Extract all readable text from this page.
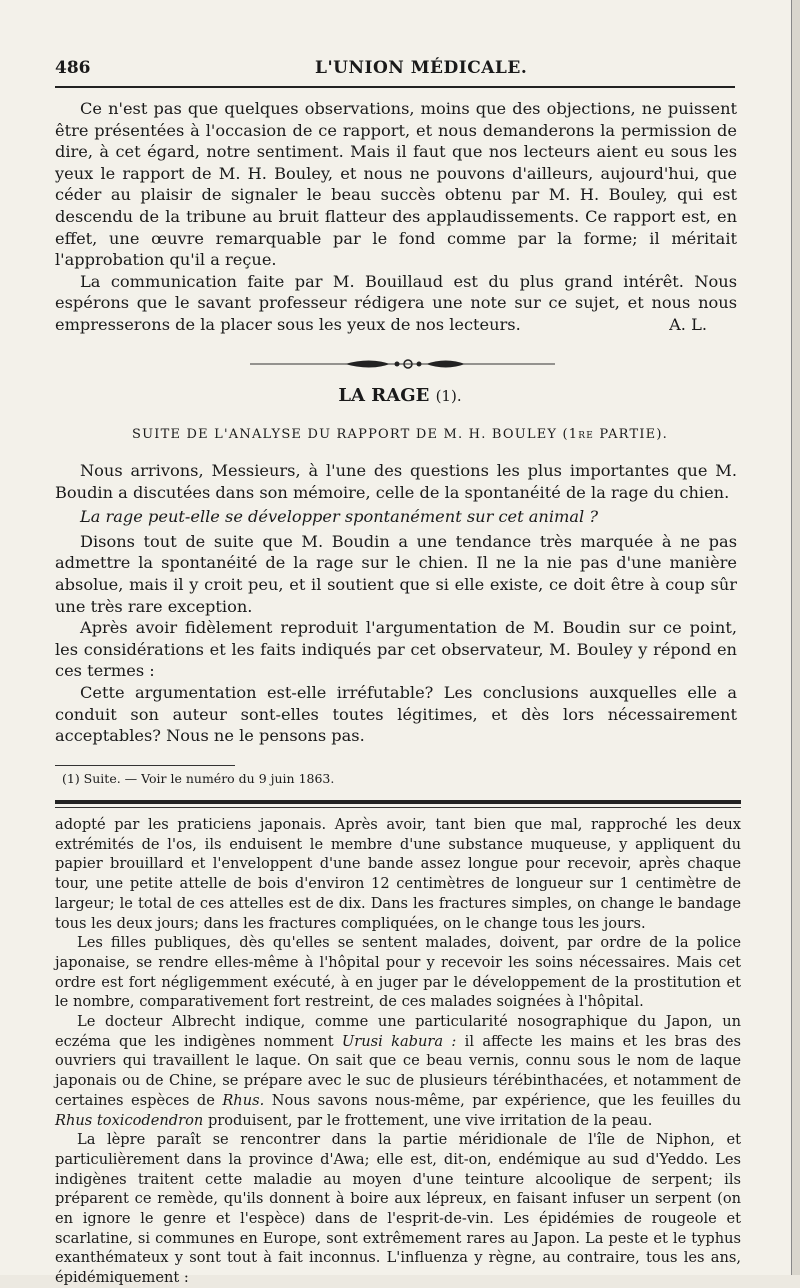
486	L'UNION MÉDICALE.

Ce n'est pas que quelques observations, moins que des objections, ne puissent être présentées à l'occasion de ce rapport, et nous demanderons la permission de dire, à cet égard, notre sentiment. Mais il faut que nos lecteurs aient eu sous les yeux le rapport de M. H. Bouley, et nous ne pouvons d'ailleurs, aujourd'hui, que céder au plaisir de signaler le beau succès obtenu par M. H. Bouley, qui est descendu de la tribune au bruit flatteur des applaudissements. Ce rapport est, en effet, une œuvre remarquable par le fond comme par la forme; il méritait l'approbation qu'il a reçue.

La communication faite par M. Bouillaud est du plus grand intérêt. Nous espérons que le savant professeur rédigera une note sur ce sujet, et nous nous empresserons de la placer sous les yeux de nos lecteurs.	A. L.

LA RAGE (1).
SUITE DE L'ANALYSE DU RAPPORT DE M. H. BOULEY (1re PARTIE).

Nous arrivons, Messieurs, à l'une des questions les plus importantes que M. Boudin a discutées dans son mémoire, celle de la spontanéité de la rage du chien.

La rage peut-elle se développer spontanément sur cet animal ?

Disons tout de suite que M. Boudin a une tendance très marquée à ne pas admettre la spontanéité de la rage sur le chien. Il ne la nie pas d'une manière absolue, mais il y croit peu, et il soutient que si elle existe, ce doit être à coup sûr une très rare exception.

Après avoir fidèlement reproduit l'argumentation de M. Boudin sur ce point, les considérations et les faits indiqués par cet observateur, M. Bouley y répond en ces termes :

Cette argumentation est-elle irréfutable? Les conclusions auxquelles elle a conduit son auteur sont-elles toutes légitimes, et dès lors nécessairement acceptables? Nous ne le pensons pas.

(1) Suite. — Voir le numéro du 9 juin 1863.

adopté par les praticiens japonais. Après avoir, tant bien que mal, rapproché les deux extrémités de l'os, ils enduisent le membre d'une substance muqueuse, y appliquent du papier brouillard et l'enveloppent d'une bande assez longue pour recevoir, après chaque tour, une petite attelle de bois d'environ 12 centimètres de longueur sur 1 centimètre de largeur; le total de ces attelles est de dix. Dans les fractures simples, on change le bandage tous les deux jours; dans les fractures compliquées, on le change tous les jours.

Les filles publiques, dès qu'elles se sentent malades, doivent, par ordre de la police japonaise, se rendre elles-même à l'hôpital pour y recevoir les soins nécessaires. Mais cet ordre est fort négligemment exécuté, à en juger par le développement de la prostitution et le nombre, comparativement fort restreint, de ces malades soignées à l'hôpital.

Le docteur Albrecht indique, comme une particularité nosographique du Japon, un eczéma que les indigènes nomment Urusi kabura : il affecte les mains et les bras des ouvriers qui travaillent le laque. On sait que ce beau vernis, connu sous le nom de laque japonais ou de Chine, se prépare avec le suc de plusieurs térébinthacées, et notamment de certaines espèces de Rhus. Nous savons nous-même, par expérience, que les feuilles du Rhus toxicodendron produisent, par le frottement, une vive irritation de la peau.

La lèpre paraît se rencontrer dans la partie méridionale de l'île de Niphon, et particulièrement dans la province d'Awa; elle est, dit-on, endémique au sud d'Yeddo. Les indigènes traitent cette maladie au moyen d'une teinture alcoolique de serpent; ils préparent ce remède, qu'ils donnent à boire aux lépreux, en faisant infuser un serpent (on en ignore le genre et l'espèce) dans de l'esprit-de-vin. Les épidémies de rougeole et scarlatine, si communes en Europe, sont extrêmement rares au Japon. La peste et le typhus exanthémateux y sont tout à fait inconnus. L'influenza y règne, au contraire, tous les ans, épidémiquement :
